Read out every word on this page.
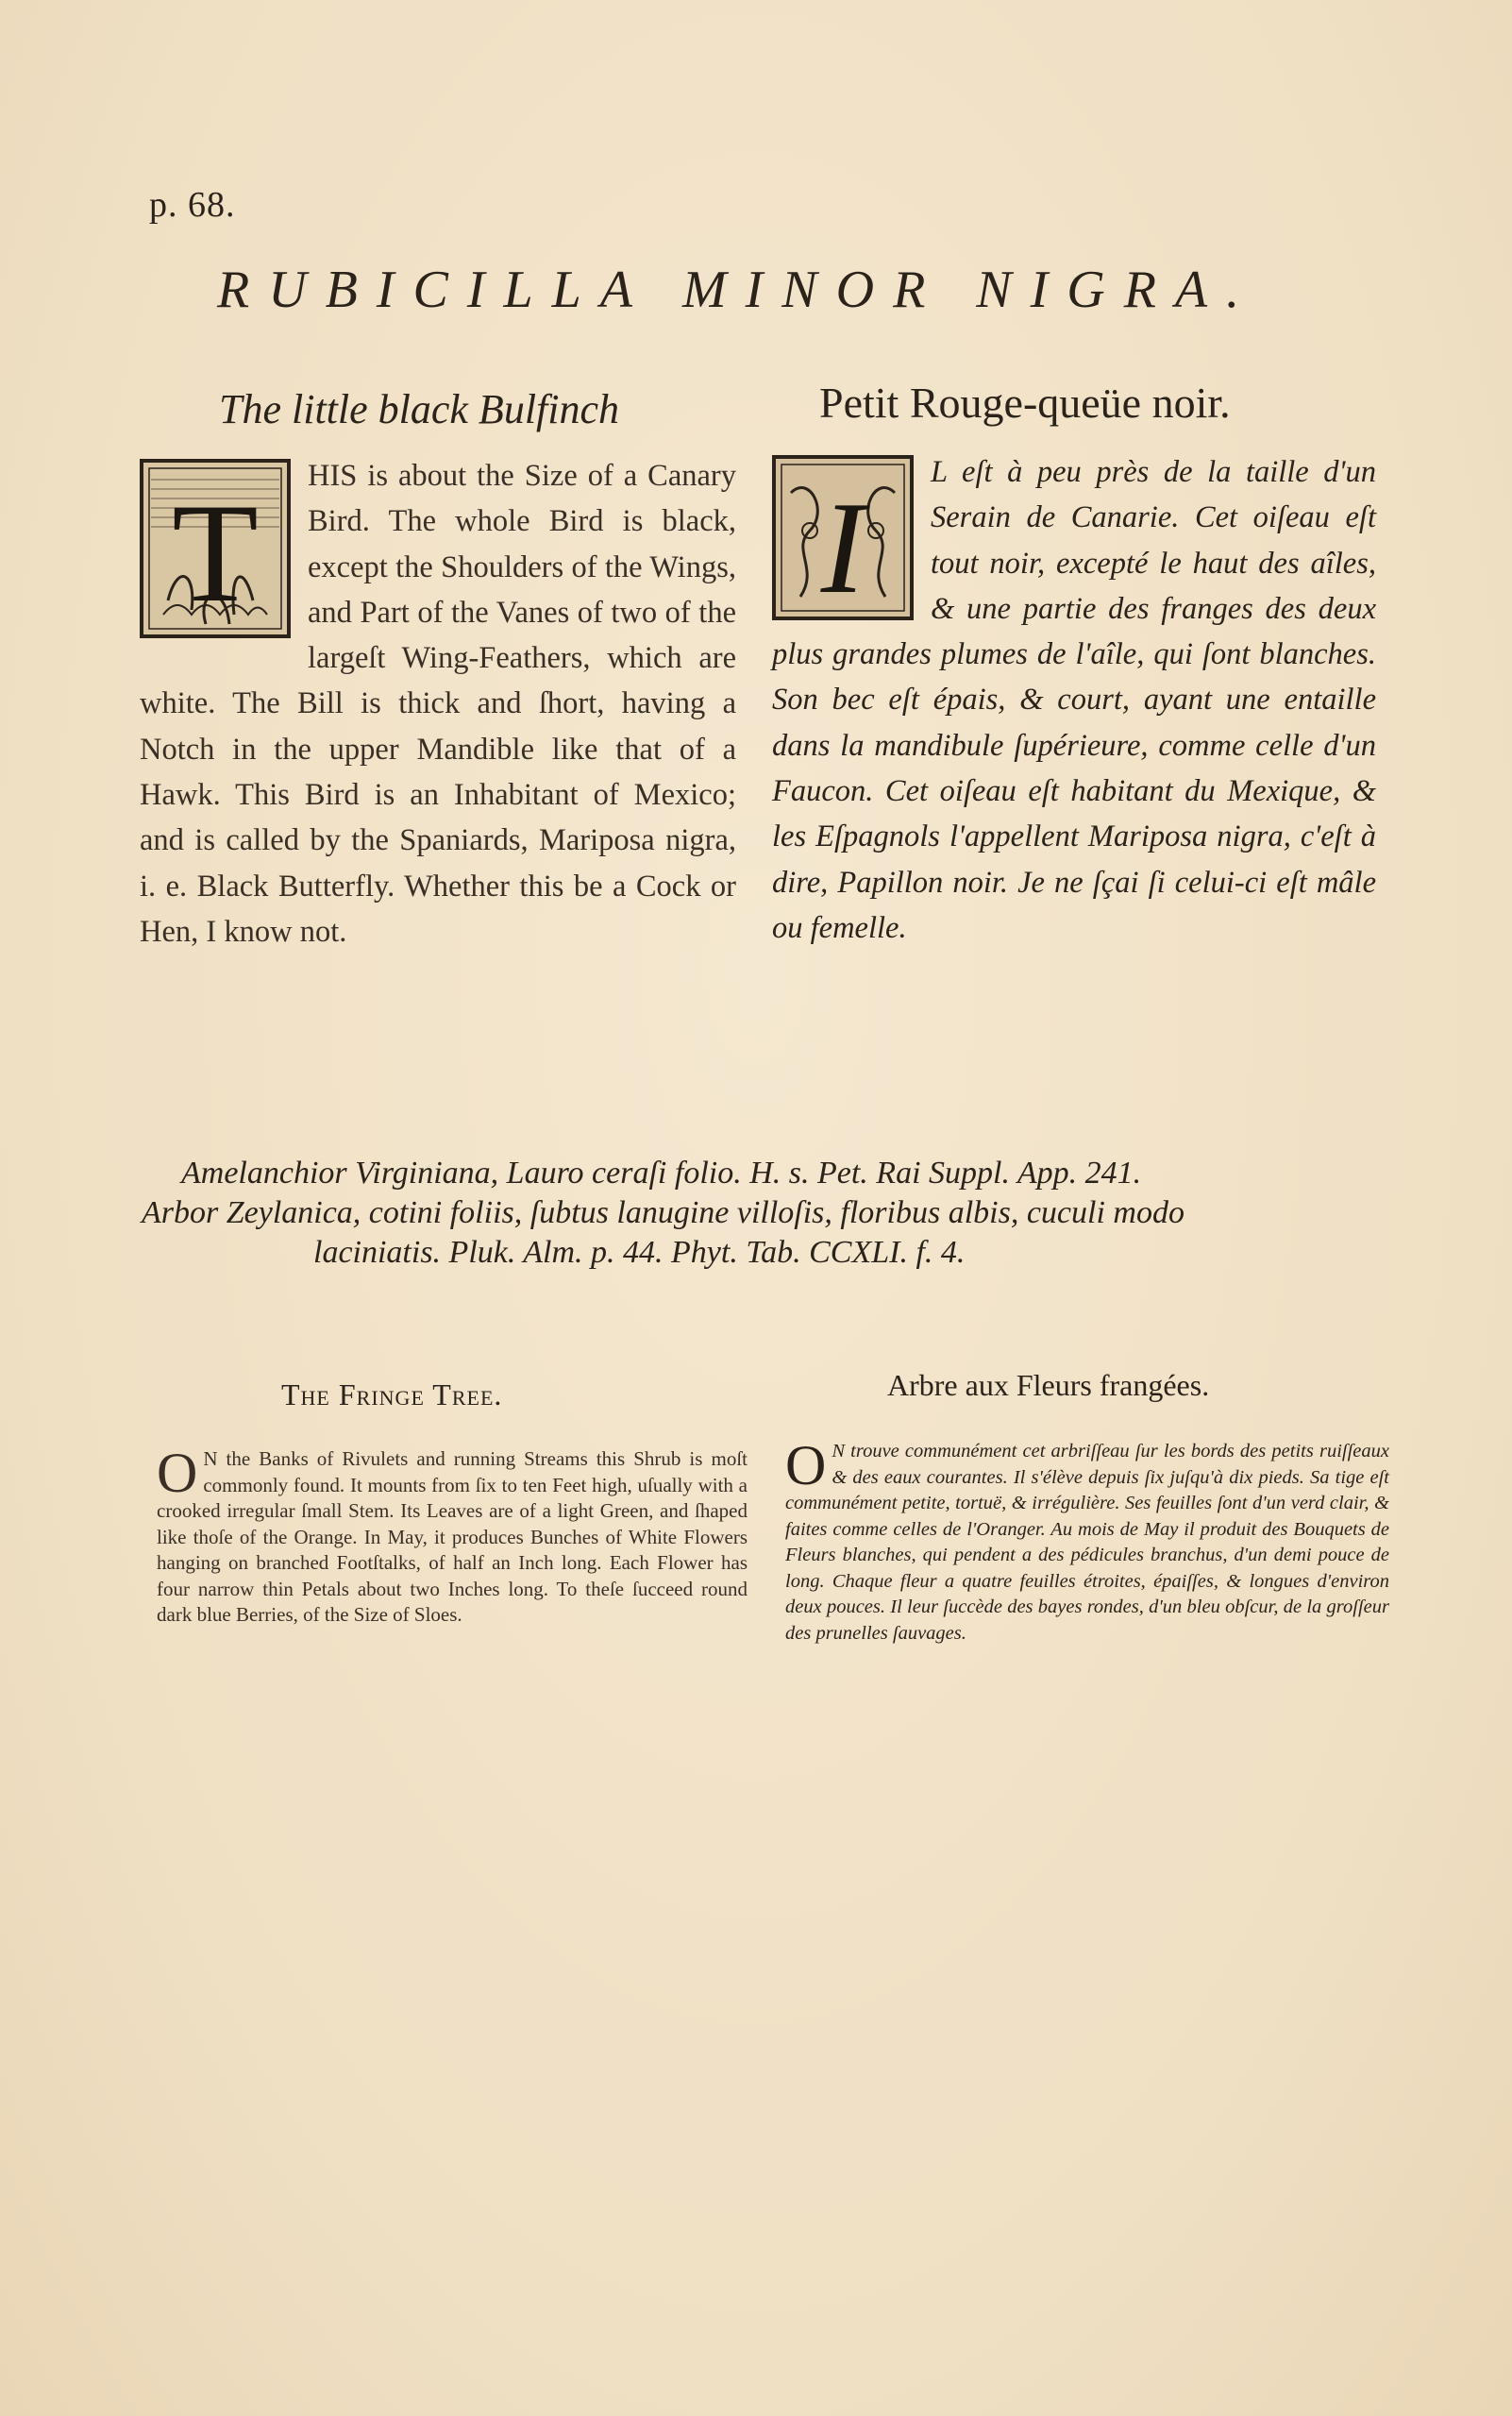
p. 68.

RUBICILLA MINOR NIGRA.
The little black Bulfinch	Petit Rouge-queüe noir.
T HIS is about the Size of a Canary Bird. The whole Bird is black, except the Shoulders of the Wings, and Part of the Vanes of two of the largeſt Wing-Feathers, which are white. The Bill is thick and ſhort, having a Notch in the upper Mandible like that of a Hawk. This Bird is an Inhabitant of Mexico; and is called by the Spaniards, Mariposa nigra, i. e. Black Butterfly. Whether this be a Cock or Hen, I know not.
I
L eſt à peu près de la taille d'un Serain de Canarie. Cet oiſeau eſt tout noir, excepté le haut des aîles, & une partie des franges des deux plus grandes plumes de l'aîle, qui ſont blanches. Son bec eſt épais, & court, ayant une entaille dans la mandibule ſupérieure, comme celle d'un Faucon. Cet oiſeau eſt habitant du Mexique, & les Eſpagnols l'appellent Mariposa nigra, c'eſt à dire, Papillon noir. Je ne ſçai ſi celui-ci eſt mâle ou femelle.
Amelanchior Virginiana, Lauro ceraſi folio. H. s. Pet. Rai Suppl. App. 241.
Arbor Zeylanica, cotini foliis, ſubtus lanugine villoſis, floribus albis, cuculi modo
laciniatis. Pluk. Alm. p. 44. Phyt. Tab. CCXLI. f. 4.
The Fringe Tree.	Arbre aux Fleurs frangées.
O N the Banks of Rivulets and running Streams this Shrub is moſt commonly found. It mounts from ſix to ten Feet high, uſually with a crooked irregular ſmall Stem. Its Leaves are of a light Green, and ſhaped like thoſe of the Orange. In May, it produces Bunches of White Flowers hanging on branched Footſtalks, of half an Inch long. Each Flower has four narrow thin Petals about two Inches long. To theſe ſucceed round dark blue Berries, of the Size of Sloes.
O N trouve communément cet arbriſſeau ſur les bords des petits ruiſſeaux & des eaux courantes. Il s'élève depuis ſix juſqu'à dix pieds. Sa tige eſt communément petite, tortuë, & irrégulière. Ses feuilles ſont d'un verd clair, & faites comme celles de l'Oranger. Au mois de May il produit des Bouquets de Fleurs blanches, qui pendent a des pédicules branchus, d'un demi pouce de long. Chaque fleur a quatre feuilles étroites, épaiſſes, & longues d'environ deux pouces. Il leur ſuccède des bayes rondes, d'un bleu obſcur, de la groſſeur des prunelles ſauvages.
